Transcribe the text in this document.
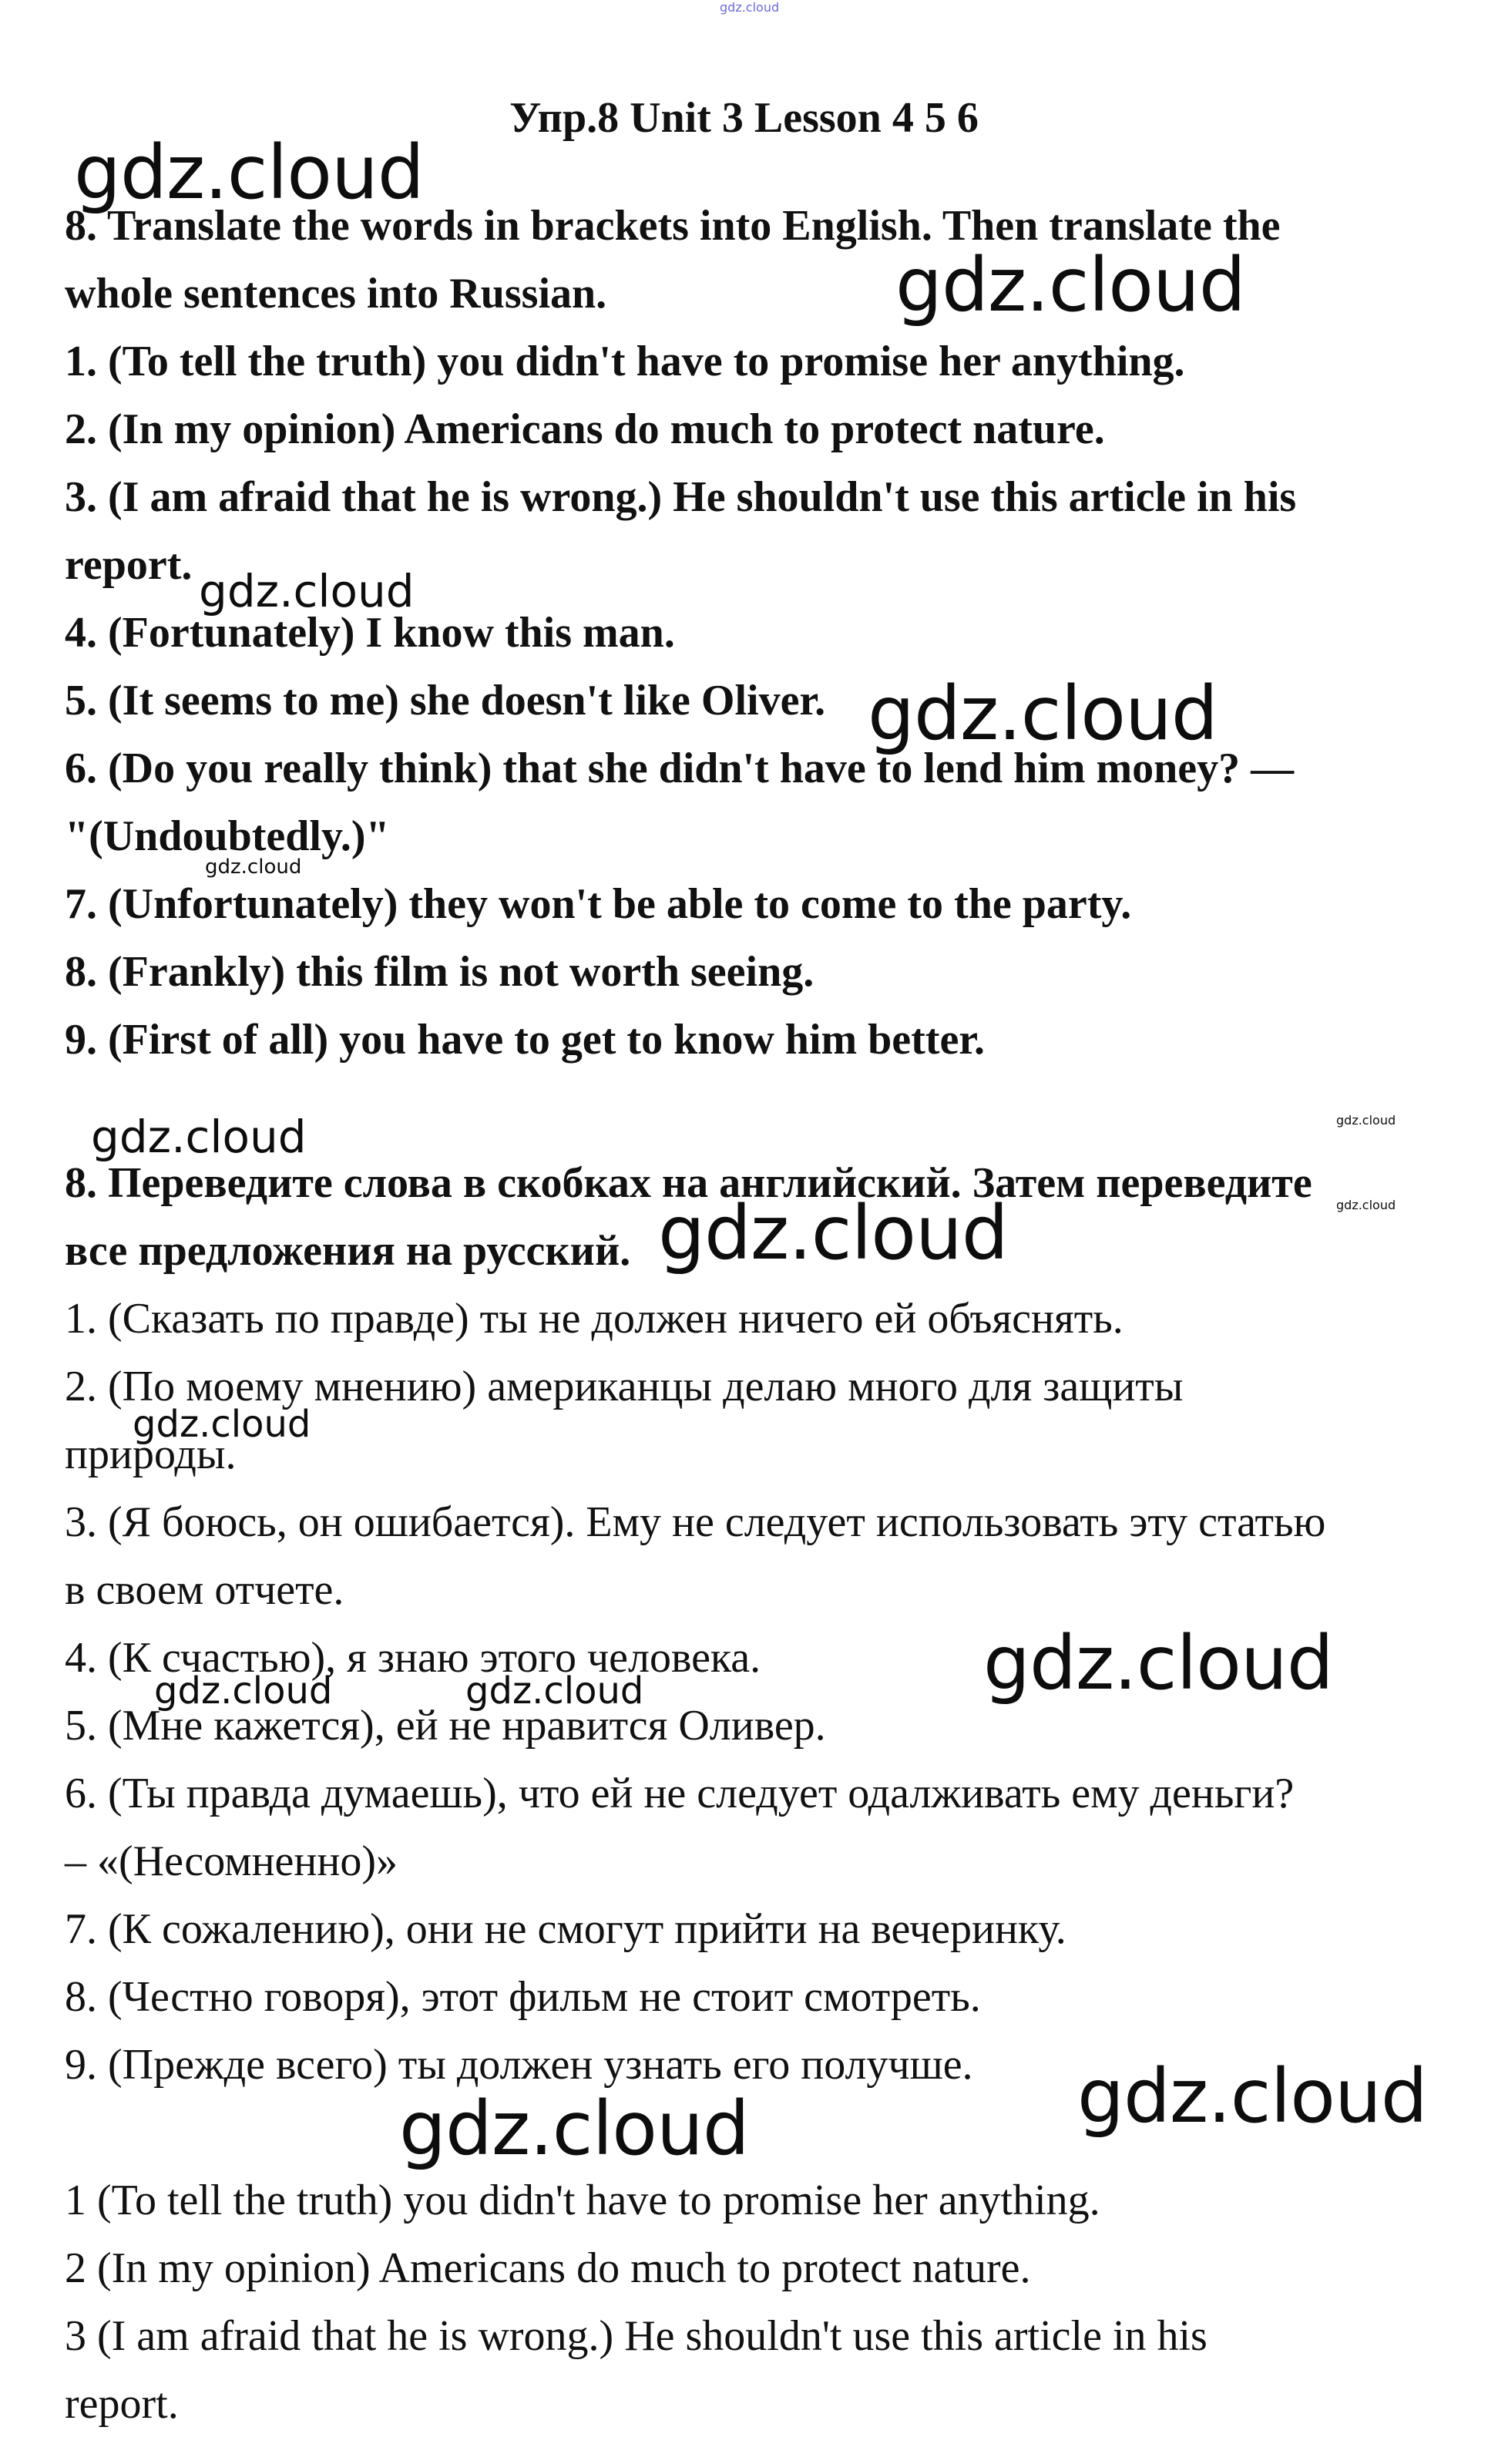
gdz.cloud
Упр.8 Unit 3 Lesson 4 5 6

8. Translate the words in brackets into English. Then translate the

whole sentences into Russian.

1. (To tell the truth) you didn't have to promise her anything.

2. (In my opinion) Americans do much to protect nature.

3. (I am afraid that he is wrong.) He shouldn't use this article in his

report.

4. (Fortunately) I know this man.

5. (It seems to me) she doesn't like Oliver.

6. (Do you really think) that she didn't have to lend him money? —

"(Undoubtedly.)"

7. (Unfortunately) they won't be able to come to the party.

8. (Frankly) this film is not worth seeing.

9. (First of all) you have to get to know him better.

8. Переведите слова в скобках на английский. Затем переведите

все предложения на русский.

1. (Сказать по правде) ты не должен ничего ей объяснять.

2. (По моему мнению) американцы делаю много для защиты

природы.

3. (Я боюсь, он ошибается). Ему не следует использовать эту статью

в своем отчете.

4. (К счастью), я знаю этого человека.

5. (Мне кажется), ей не нравится Оливер.

6. (Ты правда думаешь), что ей не следует одалживать ему деньги?

– «(Несомненно)»

7. (К сожалению), они не смогут прийти на вечеринку.

8. (Честно говоря), этот фильм не стоит смотреть.

9. (Прежде всего) ты должен узнать его получше.

1 (To tell the truth) you didn't have to promise her anything.

2 (In my opinion) Americans do much to protect nature.

3 (I am afraid that he is wrong.) He shouldn't use this article in his

report.

gdz.cloud
gdz.cloud
gdz.cloud
gdz.cloud
gdz.cloud
gdz.cloud	gdz.cloud
gdz.cloud
gdz.cloud
gdz.cloud
gdz.cloud
gdz.cloud	gdz.cloud
gdz.cloud
gdz.cloud
